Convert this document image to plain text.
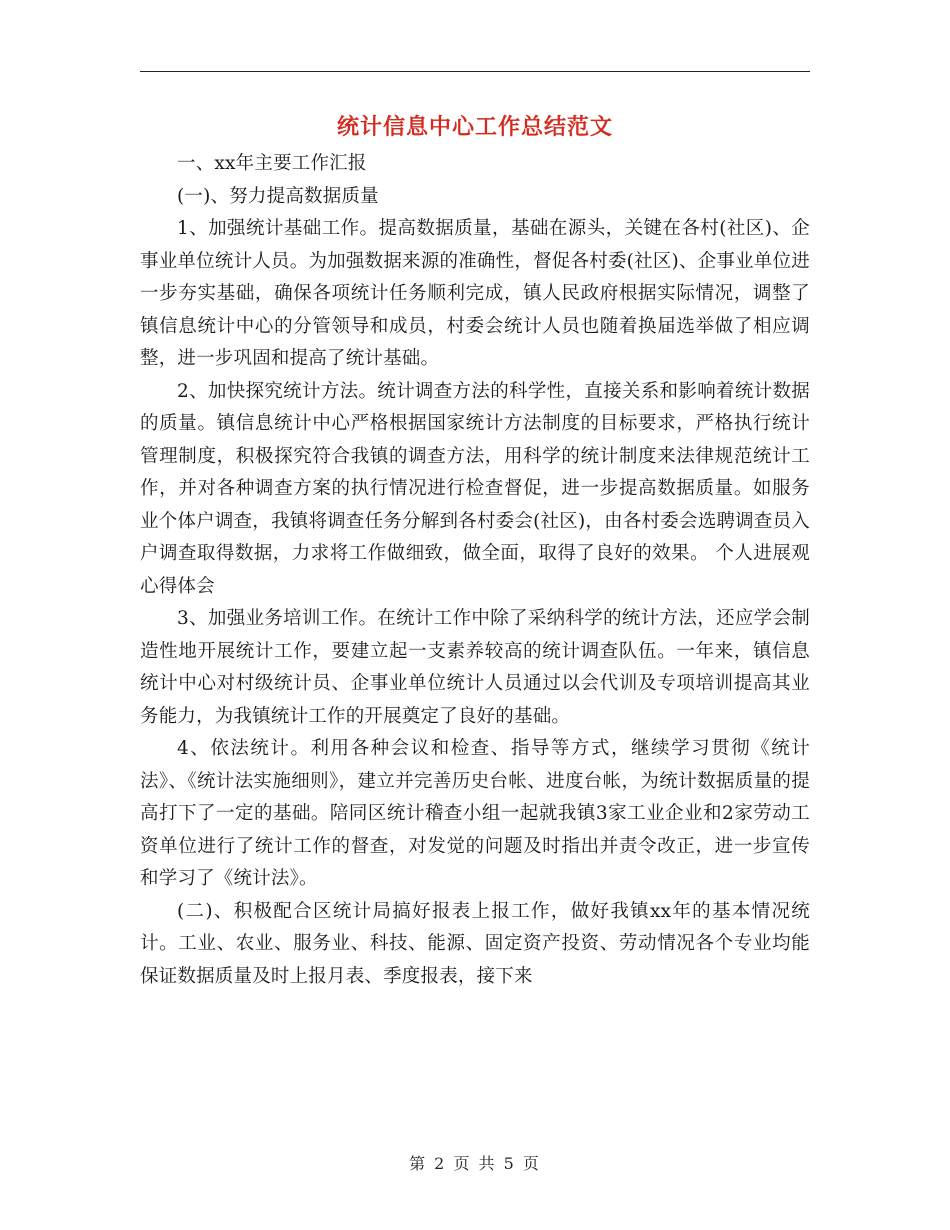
统计信息中心工作总结范文

一、xx年主要工作汇报

(一)、努力提高数据质量

1、加强统计基础工作。提高数据质量，基础在源头，关键在各村(社区)、企事业单位统计人员。为加强数据来源的准确性，督促各村委(社区)、企事业单位进一步夯实基础，确保各项统计任务顺利完成，镇人民政府根据实际情况，调整了镇信息统计中心的分管领导和成员，村委会统计人员也随着换届选举做了相应调整，进一步巩固和提高了统计基础。

2、加快探究统计方法。统计调查方法的科学性，直接关系和影响着统计数据的质量。镇信息统计中心严格根据国家统计方法制度的目标要求，严格执行统计管理制度，积极探究符合我镇的调查方法，用科学的统计制度来法律规范统计工作，并对各种调查方案的执行情况进行检查督促，进一步提高数据质量。如服务业个体户调查，我镇将调查任务分解到各村委会(社区)，由各村委会选聘调查员入户调查取得数据，力求将工作做细致，做全面，取得了良好的效果。 个人进展观心得体会

3、加强业务培训工作。在统计工作中除了采纳科学的统计方法，还应学会制造性地开展统计工作，要建立起一支素养较高的统计调查队伍。一年来，镇信息统计中心对村级统计员、企事业单位统计人员通过以会代训及专项培训提高其业务能力，为我镇统计工作的开展奠定了良好的基础。

4、依法统计。利用各种会议和检查、指导等方式，继续学习贯彻《统计法》、《统计法实施细则》，建立并完善历史台帐、进度台帐，为统计数据质量的提高打下了一定的基础。陪同区统计稽查小组一起就我镇3家工业企业和2家劳动工资单位进行了统计工作的督查，对发觉的问题及时指出并责令改正，进一步宣传和学习了《统计法》。

(二)、积极配合区统计局搞好报表上报工作，做好我镇xx年的基本情况统计。工业、农业、服务业、科技、能源、固定资产投资、劳动情况各个专业均能保证数据质量及时上报月表、季度报表，接下来

第 2 页 共 5 页
